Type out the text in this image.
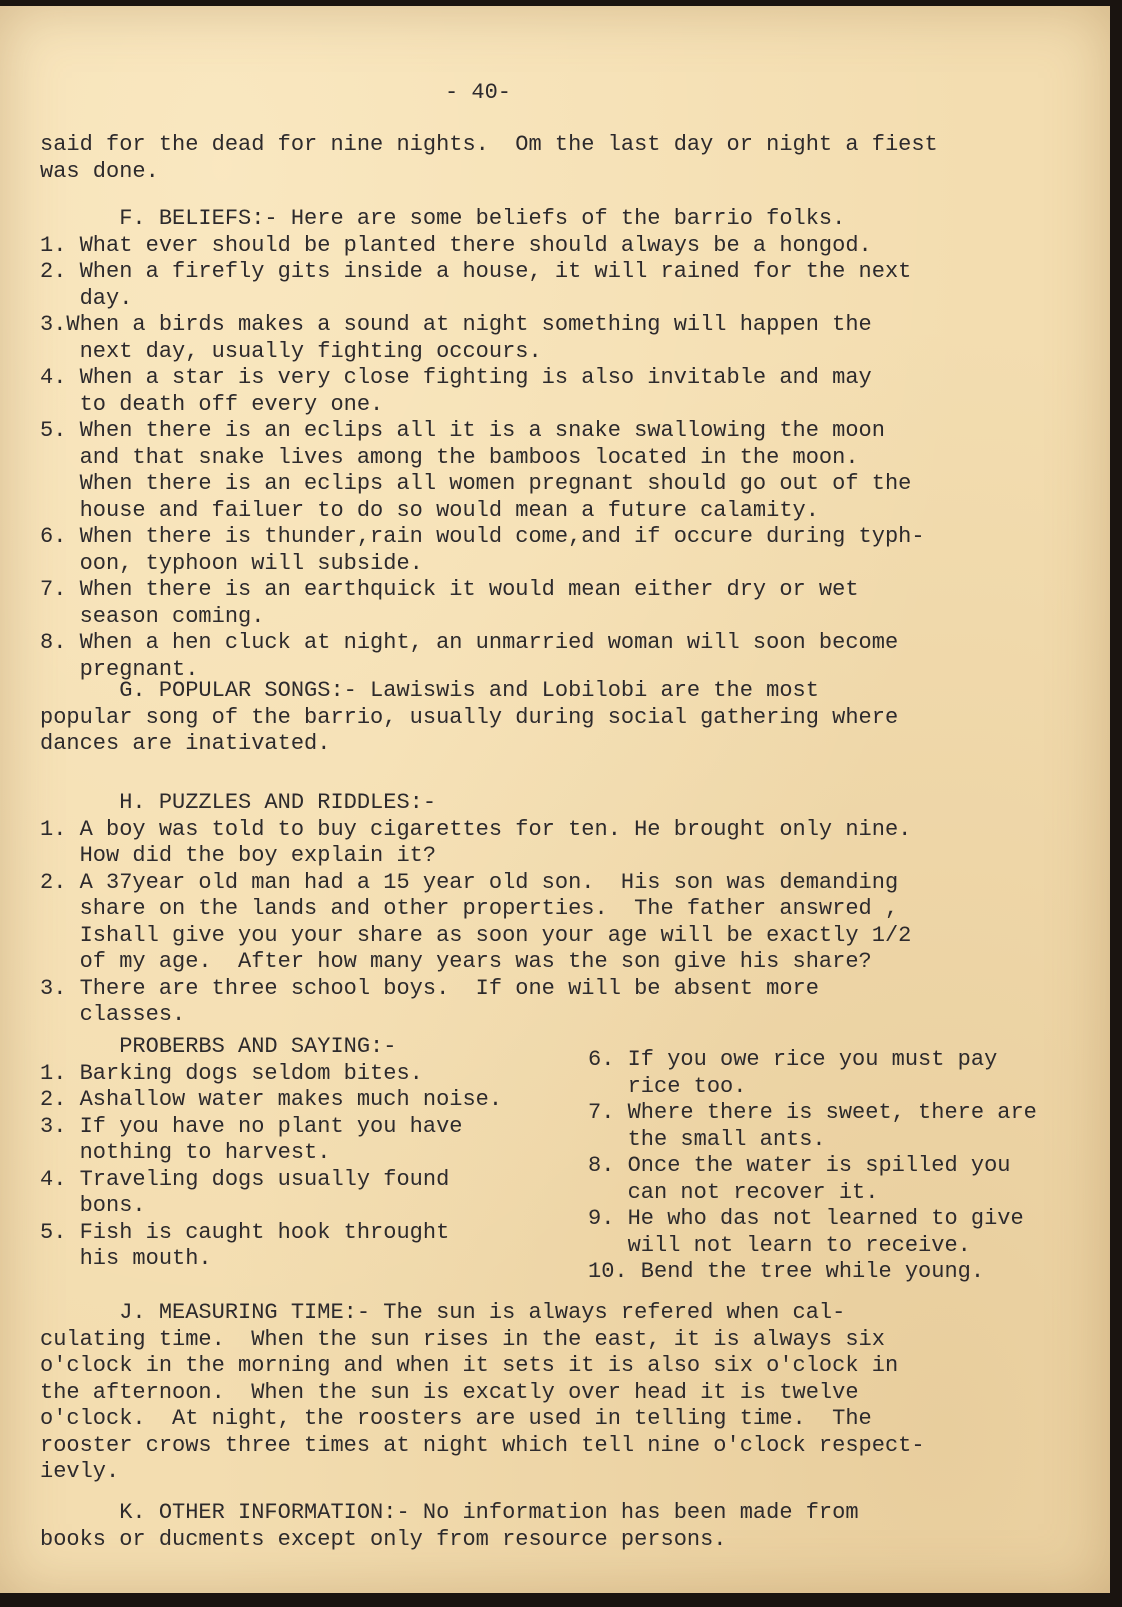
- 40-
said for the dead for nine nights.  Om the last day or night a fiest
was done.
F. BELIEFS:- Here are some beliefs of the barrio folks.
1. What ever should be planted there should always be a hongod.
2. When a firefly gits inside a house, it will rained for the next
day.
3.When a birds makes a sound at night something will happen the
next day, usually fighting occours.
4. When a star is very close fighting is also invitable and may
to death off every one.
5. When there is an eclips all it is a snake swallowing the moon
and that snake lives among the bamboos located in the moon.
When there is an eclips all women pregnant should go out of the
house and failuer to do so would mean a future calamity.
6. When there is thunder,rain would come,and if occure during typh-
oon, typhoon will subside.
7. When there is an earthquick it would mean either dry or wet
season coming.
8. When a hen cluck at night, an unmarried woman will soon become
pregnant.
G. POPULAR SONGS:- Lawiswis and Lobilobi are the most
popular song of the barrio, usually during social gathering where
dances are inativated.
H. PUZZLES AND RIDDLES:-
1. A boy was told to buy cigarettes for ten. He brought only nine.
How did the boy explain it?
2. A 37year old man had a 15 year old son.  His son was demanding
share on the lands and other properties.  The father answred ,
Ishall give you your share as soon your age will be exactly 1/2
of my age.  After how many years was the son give his share?
3. There are three school boys.  If one will be absent more
classes.
PROBERBS AND SAYING:-
1. Barking dogs seldom bites.
2. Ashallow water makes much noise.
3. If you have no plant you have
nothing to harvest.
4. Traveling dogs usually found
bons.
5. Fish is caught hook throught
his mouth.
6. If you owe rice you must pay
rice too.
7. Where there is sweet, there are
the small ants.
8. Once the water is spilled you
can not recover it.
9. He who das not learned to give
will not learn to receive.
10. Bend the tree while young.
J. MEASURING TIME:- The sun is always refered when cal-
culating time.  When the sun rises in the east, it is always six
o'clock in the morning and when it sets it is also six o'clock in
the afternoon.  When the sun is excatly over head it is twelve
o'clock.  At night, the roosters are used in telling time.  The
rooster crows three times at night which tell nine o'clock respect-
ievly.
K. OTHER INFORMATION:- No information has been made from
books or ducments except only from resource persons.
